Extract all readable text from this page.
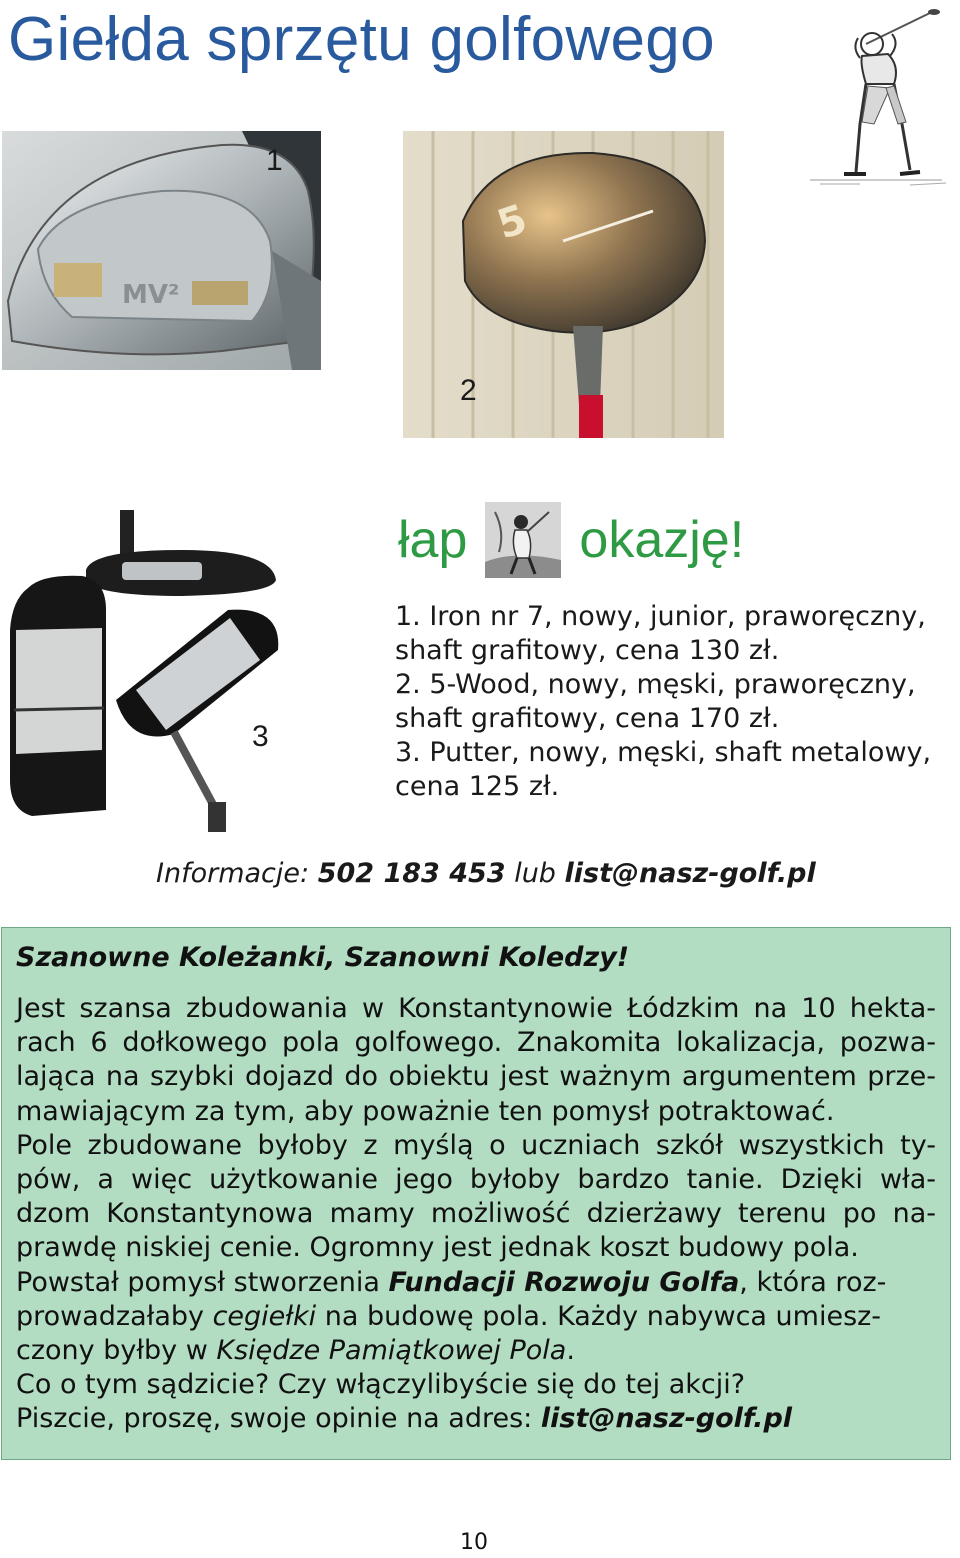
Giełda sprzętu golfowego
MV²
1
5
2
3
łap okazję!
1. Iron nr 7, nowy, junior, praworęczny,
shaft grafitowy, cena 130 zł.
2. 5-Wood, nowy, męski, praworęczny,
shaft grafitowy, cena 170 zł.
3. Putter, nowy, męski, shaft metalowy,
cena 125 zł.
Informacje: 502 183 453 lub list@nasz-golf.pl
Szanowne Koleżanki, Szanowni Koledzy!
Jest szansa zbudowania w Konstantynowie Łódzkim na 10 hekta-
rach 6 dołkowego pola golfowego. Znakomita lokalizacja, pozwa-
lająca na szybki dojazd do obiektu jest ważnym argumentem prze-
mawiającym za tym, aby poważnie ten pomysł potraktować.
Pole zbudowane byłoby z myślą o uczniach szkół wszystkich ty-
pów, a więc użytkowanie jego byłoby bardzo tanie. Dzięki wła-
dzom Konstantynowa mamy możliwość dzierżawy terenu po na-
prawdę niskiej cenie. Ogromny jest jednak koszt budowy pola.
Powstał pomysł stworzenia Fundacji Rozwoju Golfa, która roz-
prowadzałaby cegiełki na budowę pola. Każdy nabywca umiesz-
czony byłby w Księdze Pamiątkowej Pola.
Co o tym sądzicie? Czy włączylibyście się do tej akcji?
Piszcie, proszę, swoje opinie na adres: list@nasz-golf.pl
10
